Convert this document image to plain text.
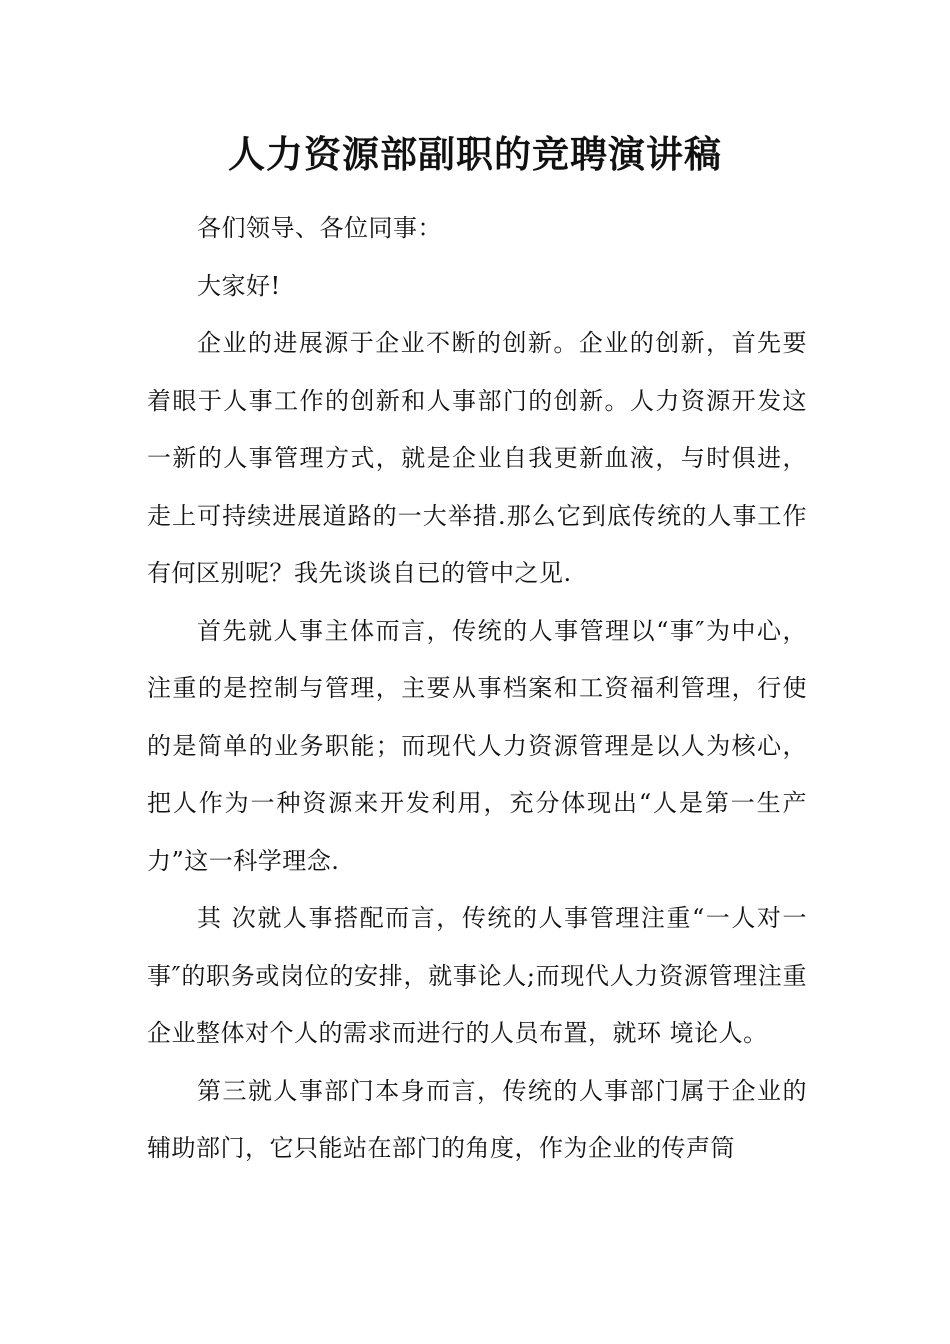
人力资源部副职的竞聘演讲稿

各们领导、各位同事：

大家好!

企业的进展源于企业不断的创新。企业的创新，首先要着眼于人事工作的创新和人事部门的创新。人力资源开发这一新的人事管理方式，就是企业自我更新血液，与时俱进，走上可持续进展道路的一大举措.那么它到底传统的人事工作有何区别呢？我先谈谈自已的管中之见.

首先就人事主体而言，传统的人事管理以“事″为中心，注重的是控制与管理，主要从事档案和工资福利管理，行使的是简单的业务职能；而现代人力资源管理是以人为核心，把人作为一种资源来开发利用，充分体现出“人是第一生产力”这一科学理念.

其 次就人事搭配而言，传统的人事管理注重“一人对一事″的职务或岗位的安排，就事论人;而现代人力资源管理注重企业整体对个人的需求而进行的人员布置，就环 境论人。

第三就人事部门本身而言，传统的人事部门属于企业的辅助部门，它只能站在部门的角度，作为企业的传声筒
